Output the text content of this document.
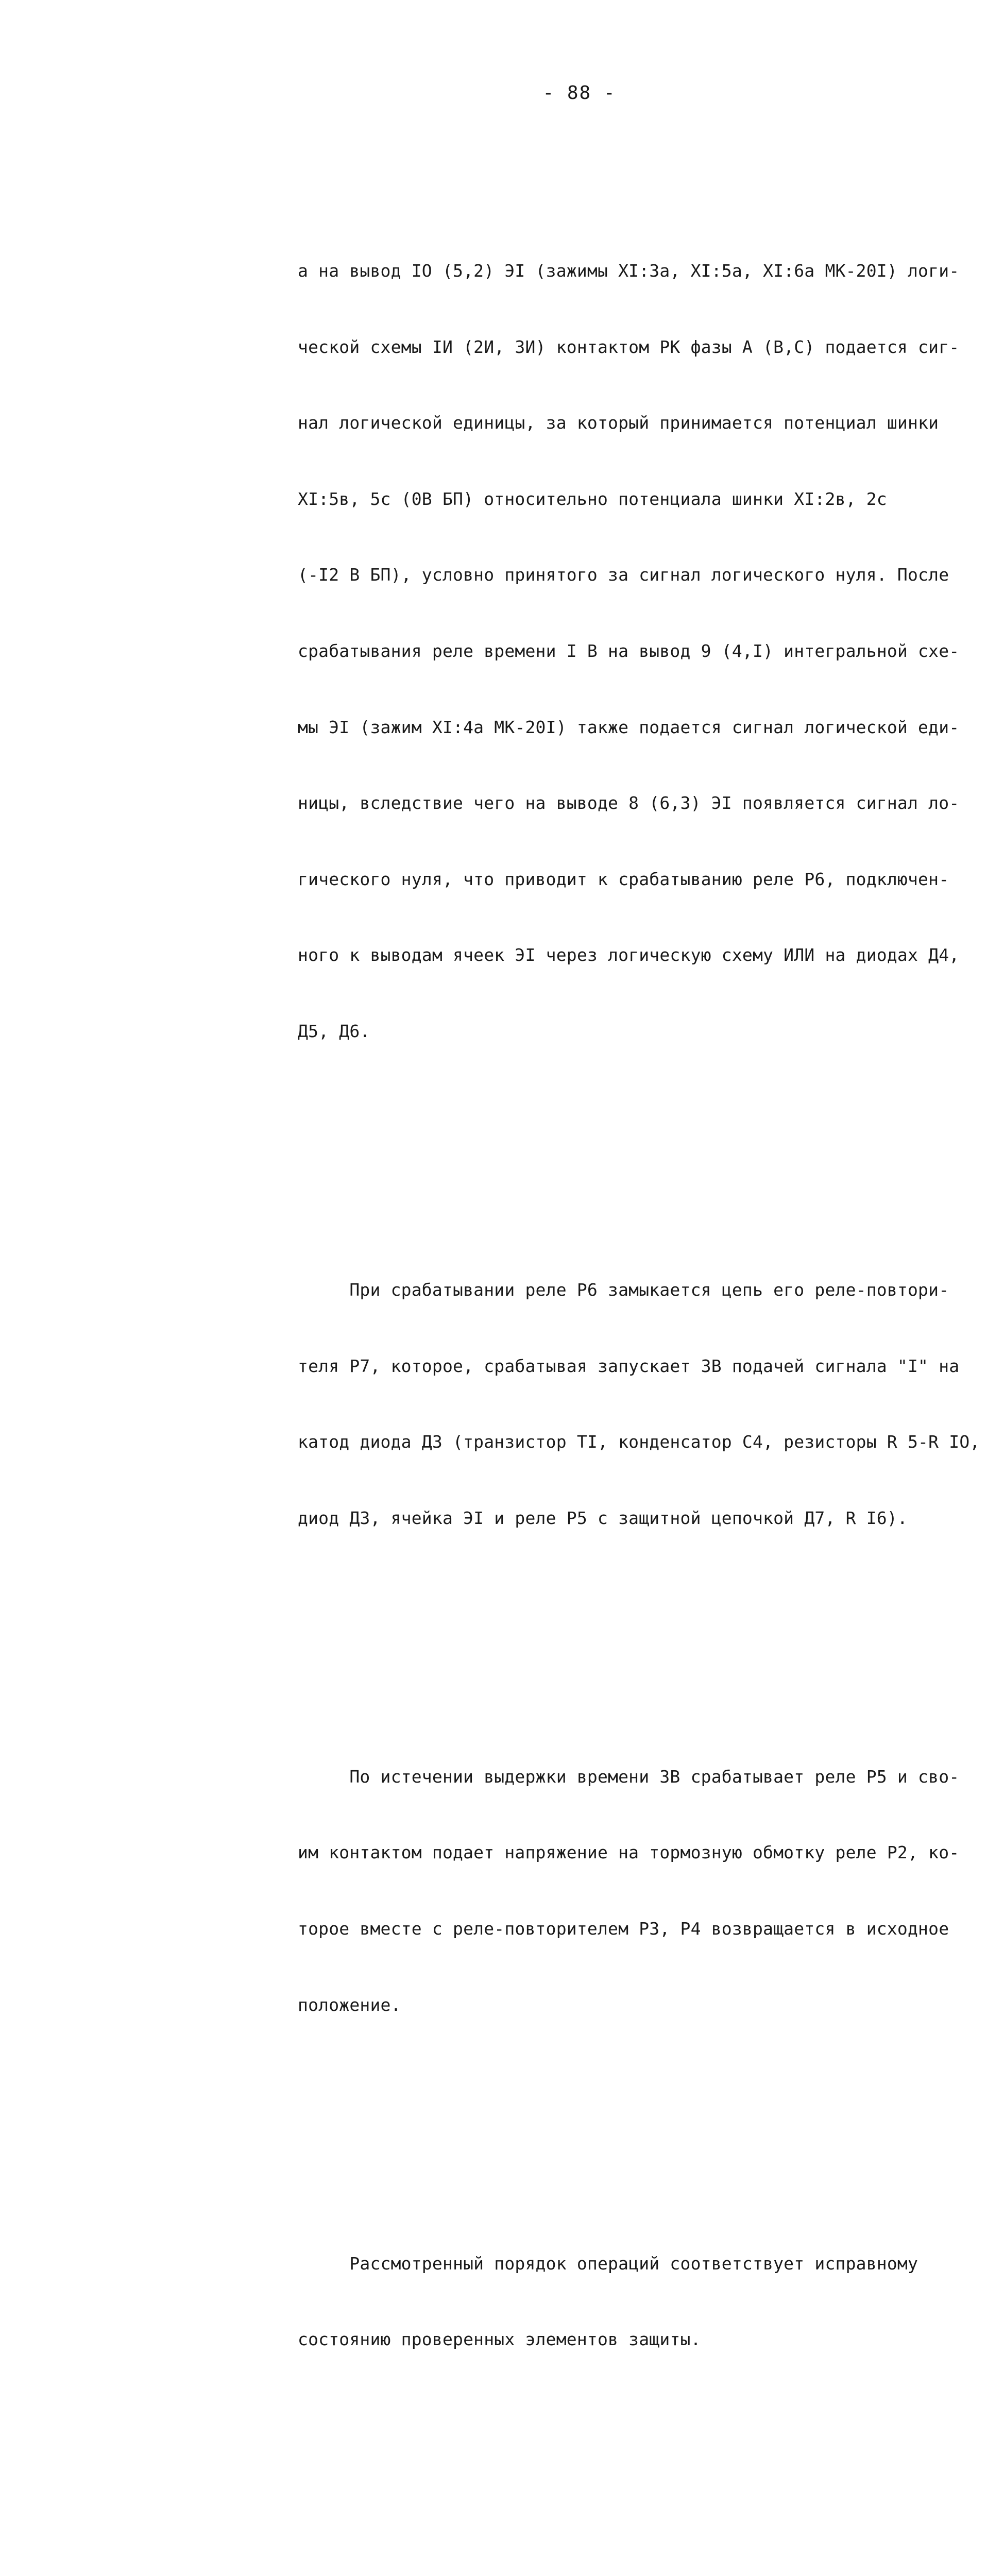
- 88 -

а на вывод IO (5,2) ЭI (зажимы XI:3а, XI:5а, XI:6а МК-20I) логи-

ческой схемы IИ (2И, 3И) контактом РК фазы А (В,С) подается сиг-

нал логической единицы, за который принимается потенциал шинки

XI:5в, 5с (0В БП) относительно потенциала шинки XI:2в, 2с

(-I2 В БП), условно принятого за сигнал логического нуля. После

срабатывания реле времени I В на вывод 9 (4,I) интегральной схе-

мы ЭI (зажим XI:4а МК-20I) также подается сигнал логической еди-

ницы, вследствие чего на выводе 8 (6,3) ЭI появляется сигнал ло-

гического нуля, что приводит к срабатыванию реле Р6, подключен-

ного к выводам ячеек ЭI через логическую схему ИЛИ на диодах Д4,

Д5, Д6.

При срабатывании реле Р6 замыкается цепь его реле-повтори-

теля Р7, которое, срабатывая запускает 3В подачей сигнала "I" на

катод диода Д3 (транзистор ТI, конденсатор С4, резисторы R 5-R IO,

диод Д3, ячейка ЭI и реле Р5 с защитной цепочкой Д7, R I6).

По истечении выдержки времени 3В срабатывает реле Р5 и сво-

им контактом подает напряжение на тормозную обмотку реле Р2, ко-

торое вместе с реле-повторителем Р3, Р4 возвращается в исходное

положение.

Рассмотренный порядок операций соответствует исправному

состоянию проверенных элементов защиты.
